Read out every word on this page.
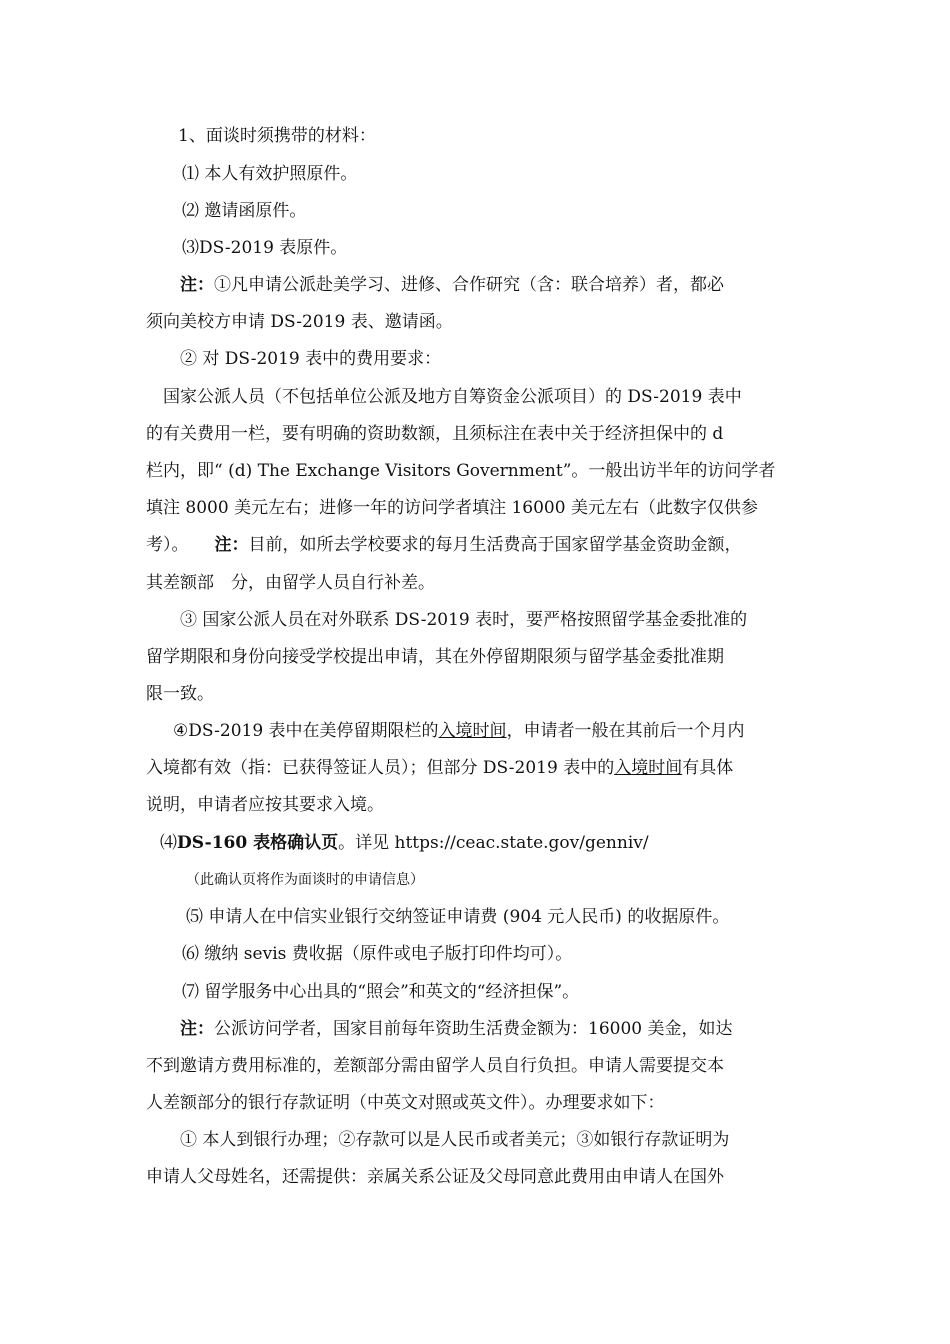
1、面谈时须携带的材料：
⑴ 本人有效护照原件。
⑵ 邀请函原件。
⑶DS-2019 表原件。
注：①凡申请公派赴美学习、进修、合作研究（含：联合培养）者，都必
须向美校方申请 DS-2019 表、邀请函。
② 对 DS-2019 表中的费用要求：
国家公派人员（不包括单位公派及地方自筹资金公派项目）的 DS-2019 表中
的有关费用一栏，要有明确的资助数额，且须标注在表中关于经济担保中的 d
栏内，即“ (d) The Exchange Visitors Government”。一般出访半年的访问学者
填注 8000 美元左右；进修一年的访问学者填注 16000 美元左右（此数字仅供参
考）。 注：目前，如所去学校要求的每月生活费高于国家留学基金资助金额，
其差额部　分，由留学人员自行补差。
③ 国家公派人员在对外联系 DS-2019 表时，要严格按照留学基金委批准的
留学期限和身份向接受学校提出申请，其在外停留期限须与留学基金委批准期
限一致。
④DS-2019 表中在美停留期限栏的入境时间，申请者一般在其前后一个月内
入境都有效（指：已获得签证人员）；但部分 DS-2019 表中的入境时间有具体
说明，申请者应按其要求入境。
⑷DS-160 表格确认页。详见 https://ceac.state.gov/genniv/
（此确认页将作为面谈时的申请信息）
⑸ 申请人在中信实业银行交纳签证申请费 (904 元人民币) 的收据原件。
⑹ 缴纳 sevis 费收据（原件或电子版打印件均可）。
⑺ 留学服务中心出具的“照会”和英文的“经济担保”。
注：公派访问学者，国家目前每年资助生活费金额为：16000 美金，如达
不到邀请方费用标准的，差额部分需由留学人员自行负担。申请人需要提交本
人差额部分的银行存款证明（中英文对照或英文件）。办理要求如下：
① 本人到银行办理；②存款可以是人民币或者美元；③如银行存款证明为
申请人父母姓名，还需提供：亲属关系公证及父母同意此费用由申请人在国外
